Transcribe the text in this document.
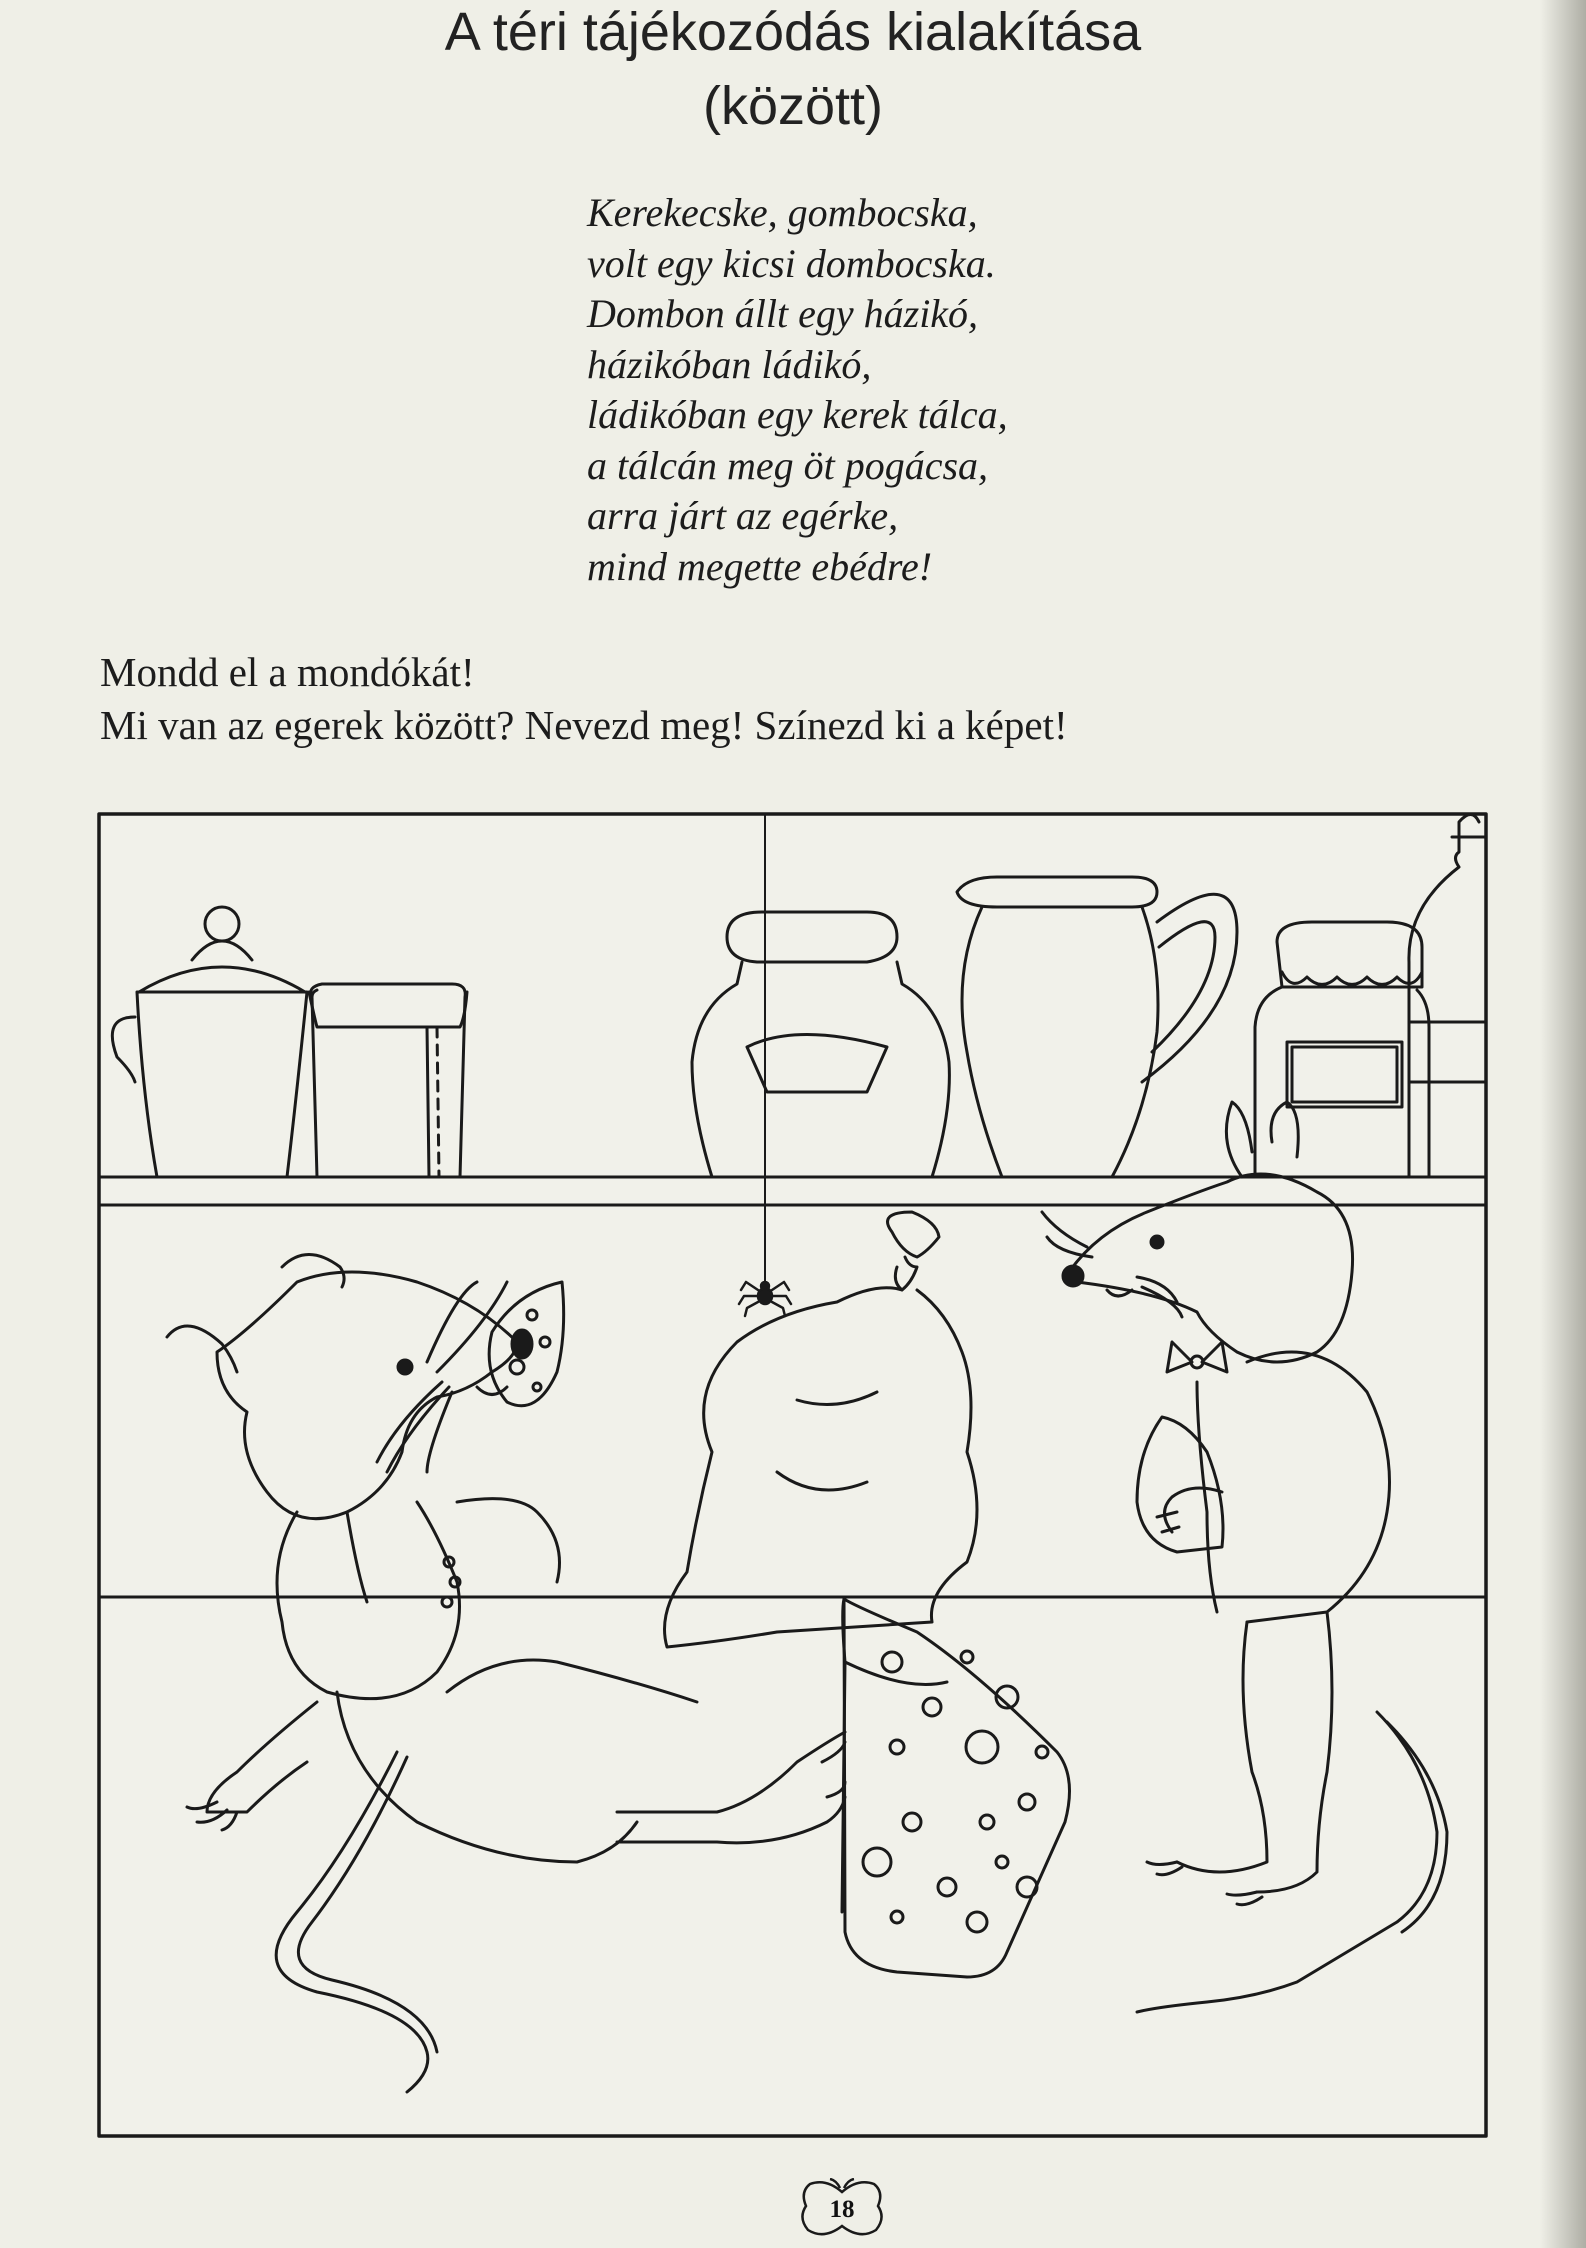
A téri tájékozódás kialakítása
(között)
Kerekecske, gombocska,
volt egy kicsi dombocska.
Dombon állt egy házikó,
házikóban ládikó,
ládikóban egy kerek tálca,
a tálcán meg öt pogácsa,
arra járt az egérke,
mind megette ebédre!
Mondd el a mondókát!
Mi van az egerek között? Nevezd meg! Színezd ki a képet!
18
